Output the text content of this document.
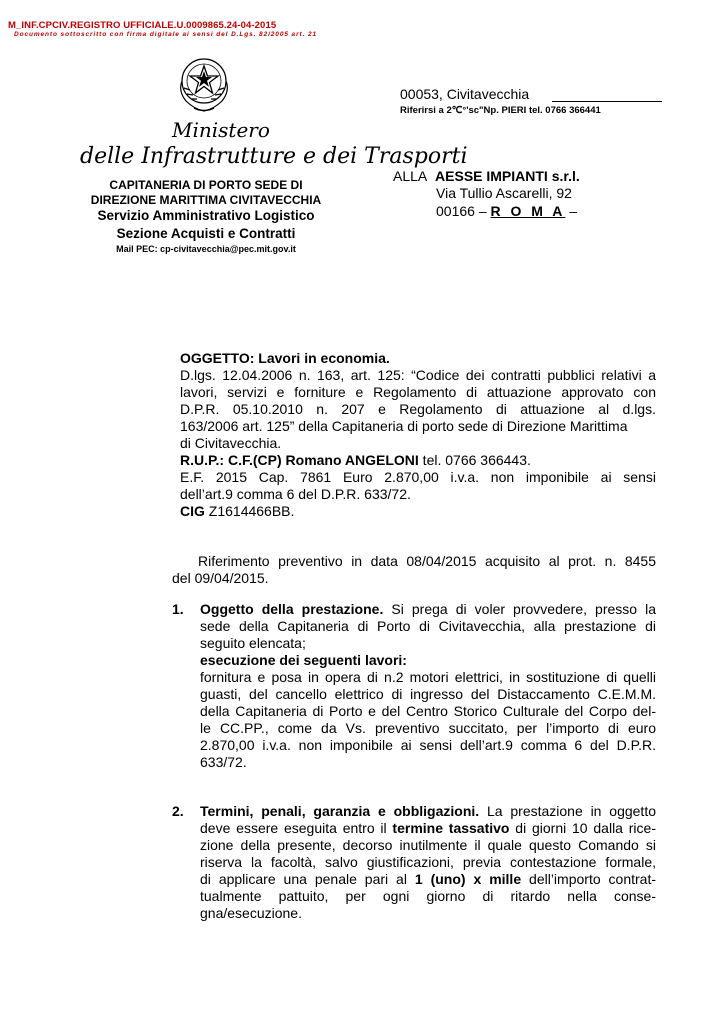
M_INF.CPCIV.REGISTRO UFFICIALE.U.0009865.24-04-2015
Documento sottoscritto con firma digitale ai sensi del D.Lgs. 82/2005 art. 21
Ministero
delle Infrastrutture e dei Trasporti
CAPITANERIA DI PORTO SEDE DI
DIREZIONE MARITTIMA CIVITAVECCHIA
Servizio Amministrativo Logistico
Sezione Acquisti e Contratti
Mail PEC: cp-civitavecchia@pec.mit.gov.it
00053, Civitavecchia
Riferirsi a 2℃°'sc"Np. PIERI tel. 0766 366441
ALLA AESSE IMPIANTI s.r.l.
Via Tullio Ascarelli, 92
00166 – R O M A –
OGGETTO: Lavori in economia.
D.lgs. 12.04.2006 n. 163, art. 125: “Codice dei contratti pubblici relativi a
lavori, servizi e forniture e Regolamento di attuazione approvato con
D.P.R. 05.10.2010 n. 207 e Regolamento di attuazione al d.lgs.
163/2006 art. 125” della Capitaneria di porto sede di Direzione Marittima
di Civitavecchia.
R.U.P.: C.F.(CP) Romano ANGELONI tel. 0766 366443.
E.F. 2015 Cap. 7861 Euro 2.870,00 i.v.a. non imponibile ai sensi
dell’art.9 comma 6 del D.P.R. 633/72.
CIG Z1614466BB.
Riferimento preventivo in data 08/04/2015 acquisito al prot. n. 8455
del 09/04/2015.
1. Oggetto della prestazione. Si prega di voler provvedere, presso la
sede della Capitaneria di Porto di Civitavecchia, alla prestazione di
seguito elencata;
esecuzione dei seguenti lavori:
fornitura e posa in opera di n.2 motori elettrici, in sostituzione di quelli
guasti, del cancello elettrico di ingresso del Distaccamento C.E.M.M.
della Capitaneria di Porto e del Centro Storico Culturale del Corpo del-
le CC.PP., come da Vs. preventivo succitato, per l’importo di euro
2.870,00 i.v.a. non imponibile ai sensi dell’art.9 comma 6 del D.P.R.
633/72.
2. Termini, penali, garanzia e obbligazioni. La prestazione in oggetto
deve essere eseguita entro il termine tassativo di giorni 10 dalla rice-
zione della presente, decorso inutilmente il quale questo Comando si
riserva la facoltà, salvo giustificazioni, previa contestazione formale,
di applicare una penale pari al 1 (uno) x mille dell’importo contrat-
tualmente pattuito, per ogni giorno di ritardo nella conse-
gna/esecuzione.
